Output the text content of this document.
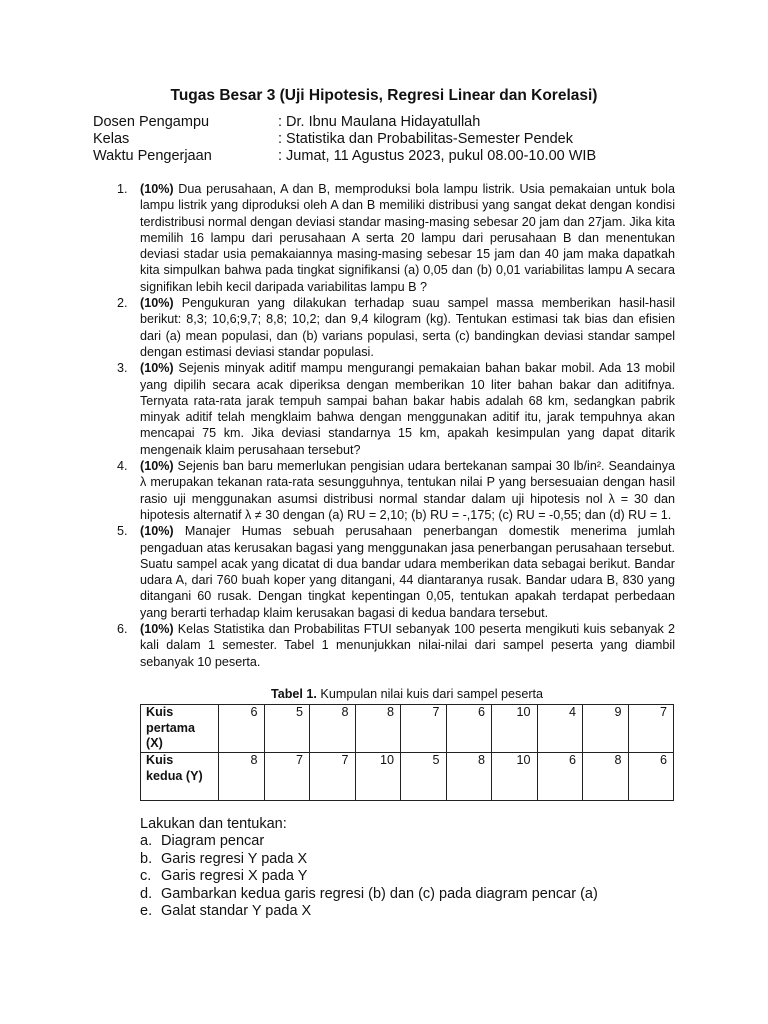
Tugas Besar 3 (Uji Hipotesis, Regresi Linear dan Korelasi)
Dosen Pengampu	: Dr. Ibnu Maulana Hidayatullah
Kelas	: Statistika dan Probabilitas-Semester Pendek
Waktu Pengerjaan	: Jumat, 11 Agustus 2023, pukul 08.00-10.00 WIB
1. (10%) Dua perusahaan, A dan B, memproduksi bola lampu listrik. Usia pemakaian untuk bola lampu listrik yang diproduksi oleh A dan B memiliki distribusi yang sangat dekat dengan kondisi terdistribusi normal dengan deviasi standar masing-masing sebesar 20 jam dan 27jam. Jika kita memilih 16 lampu dari perusahaan A serta 20 lampu dari perusahaan B dan menentukan deviasi stadar usia pemakaiannya masing-masing sebesar 15 jam dan 40 jam maka dapatkah kita simpulkan bahwa pada tingkat signifikansi (a) 0,05 dan (b) 0,01 variabilitas lampu A secara signifikan lebih kecil daripada variabilitas lampu B ?
2. (10%) Pengukuran yang dilakukan terhadap suau sampel massa memberikan hasil-hasil berikut: 8,3; 10,6;9,7; 8,8; 10,2; dan 9,4 kilogram (kg). Tentukan estimasi tak bias dan efisien dari (a) mean populasi, dan (b) varians populasi, serta (c) bandingkan deviasi standar sampel dengan estimasi deviasi standar populasi.
3. (10%) Sejenis minyak aditif mampu mengurangi pemakaian bahan bakar mobil. Ada 13 mobil yang dipilih secara acak diperiksa dengan memberikan 10 liter bahan bakar dan aditifnya. Ternyata rata-rata jarak tempuh sampai bahan bakar habis adalah 68 km, sedangkan pabrik minyak aditif telah mengklaim bahwa dengan menggunakan aditif itu, jarak tempuhnya akan mencapai 75 km. Jika deviasi standarnya 15 km, apakah kesimpulan yang dapat ditarik mengenaik klaim perusahaan tersebut?
4. (10%) Sejenis ban baru memerlukan pengisian udara bertekanan sampai 30 lb/in². Seandainya λ merupakan tekanan rata-rata sesungguhnya, tentukan nilai P yang bersesuaian dengan hasil rasio uji menggunakan asumsi distribusi normal standar dalam uji hipotesis nol λ = 30 dan hipotesis alternatif λ ≠ 30 dengan (a) RU = 2,10; (b) RU = -,175; (c) RU = -0,55; dan (d) RU = 1.
5. (10%) Manajer Humas sebuah perusahaan penerbangan domestik menerima jumlah pengaduan atas kerusakan bagasi yang menggunakan jasa penerbangan perusahaan tersebut. Suatu sampel acak yang dicatat di dua bandar udara memberikan data sebagai berikut. Bandar udara A, dari 760 buah koper yang ditangani, 44 diantaranya rusak. Bandar udara B, 830 yang ditangani 60 rusak. Dengan tingkat kepentingan 0,05, tentukan apakah terdapat perbedaan yang berarti terhadap klaim kerusakan bagasi di kedua bandara tersebut.
6. (10%) Kelas Statistika dan Probabilitas FTUI sebanyak 100 peserta mengikuti kuis sebanyak 2 kali dalam 1 semester. Tabel 1 menunjukkan nilai-nilai dari sampel peserta yang diambil sebanyak 10 peserta.
Tabel 1. Kumpulan nilai kuis dari sampel peserta
Kuis pertama (X)	6	5	8	8	7	6	10	4	9	7
Kuis kedua (Y)	8	7	7	10	5	8	10	6	8	6
Lakukan dan tentukan:
a. Diagram pencar
b. Garis regresi Y pada X
c. Garis regresi X pada Y
d. Gambarkan kedua garis regresi (b) dan (c) pada diagram pencar (a)
e. Galat standar Y pada X
